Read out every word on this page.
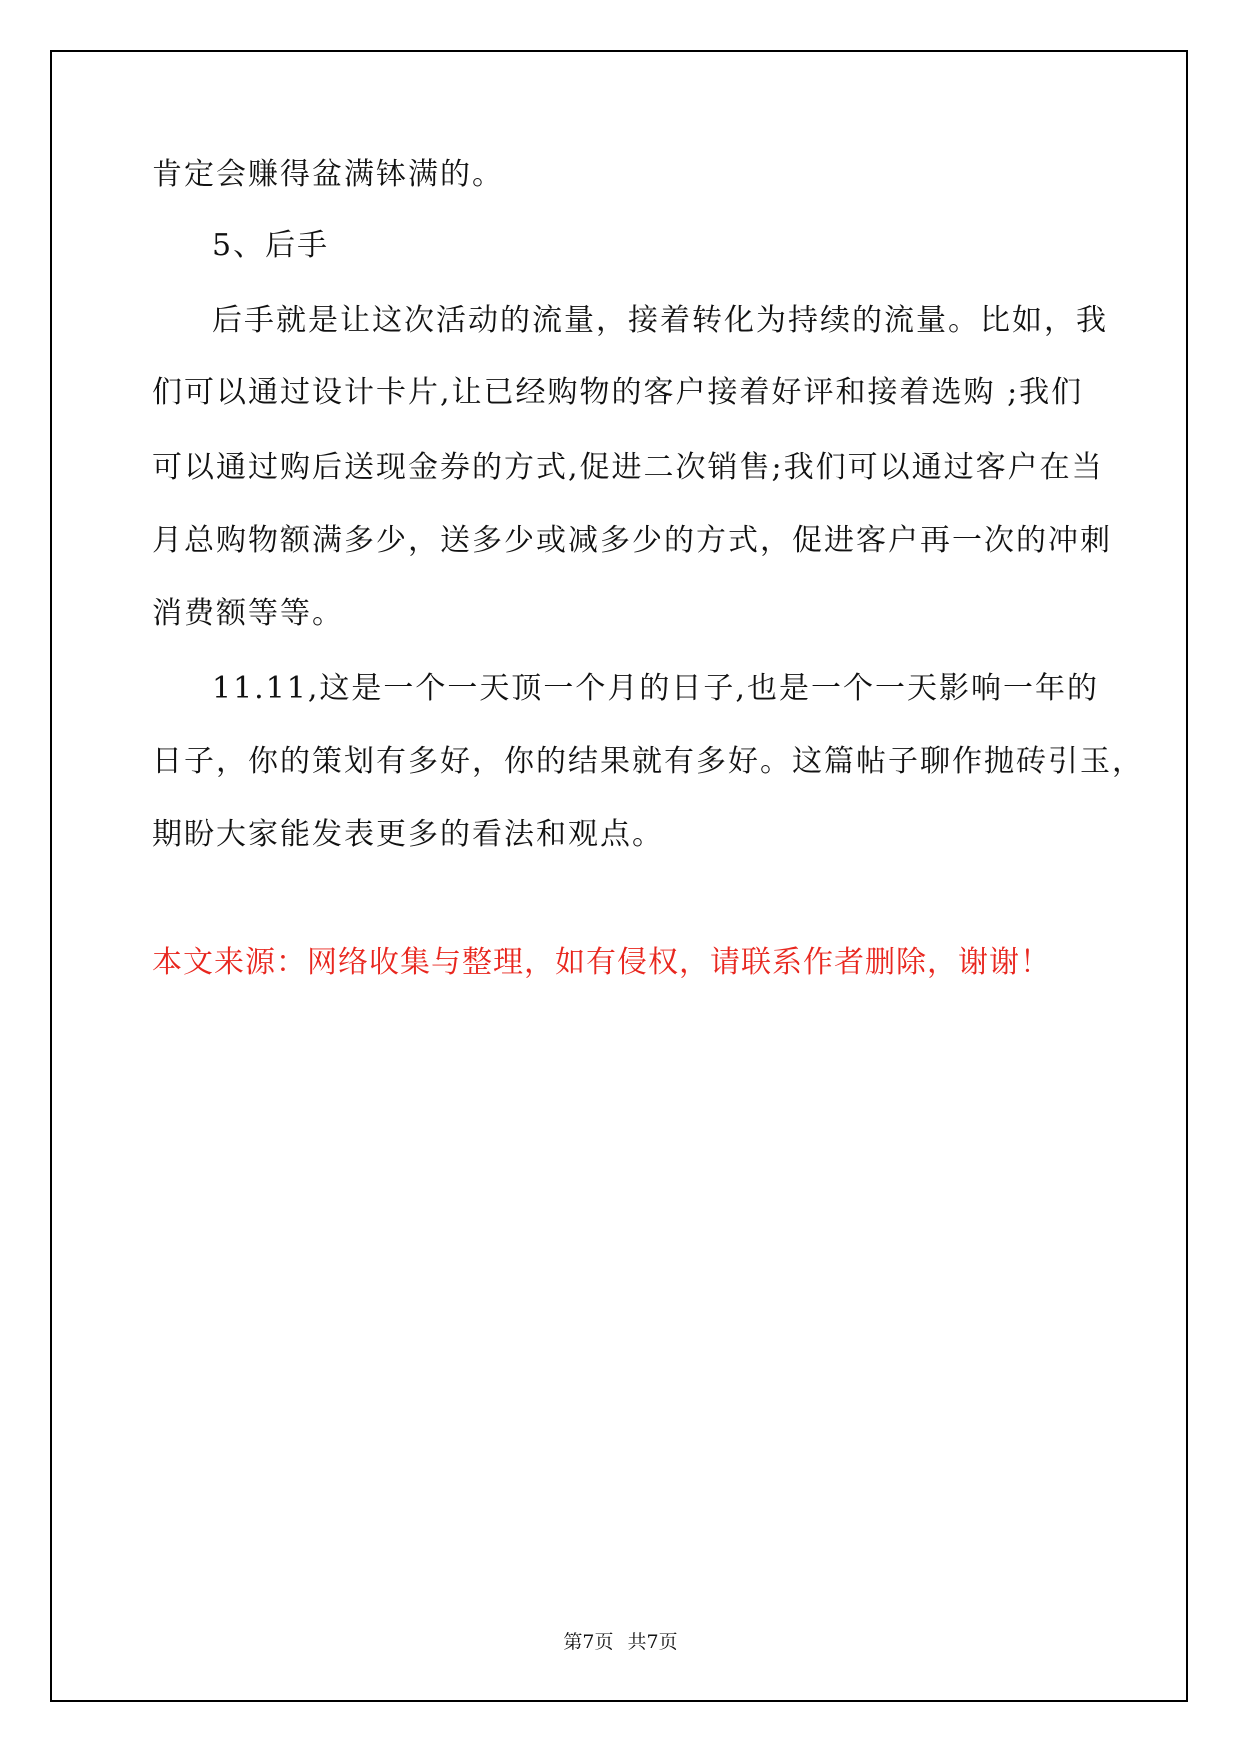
肯定会赚得盆满钵满的。
5、后手
后手就是让这次活动的流量，接着转化为持续的流量。比如，我
们可以通过设计卡片,让已经购物的客户接着好评和接着选购 ;我们
可以通过购后送现金券的方式,促进二次销售;我们可以通过客户在当
月总购物额满多少，送多少或减多少的方式，促进客户再一次的冲刺
消费额等等。
11.11,这是一个一天顶一个月的日子,也是一个一天影响一年的
日子，你的策划有多好，你的结果就有多好。这篇帖子聊作抛砖引玉，
期盼大家能发表更多的看法和观点。
本文来源：网络收集与整理，如有侵权，请联系作者删除，谢谢！
第7页 共7页
